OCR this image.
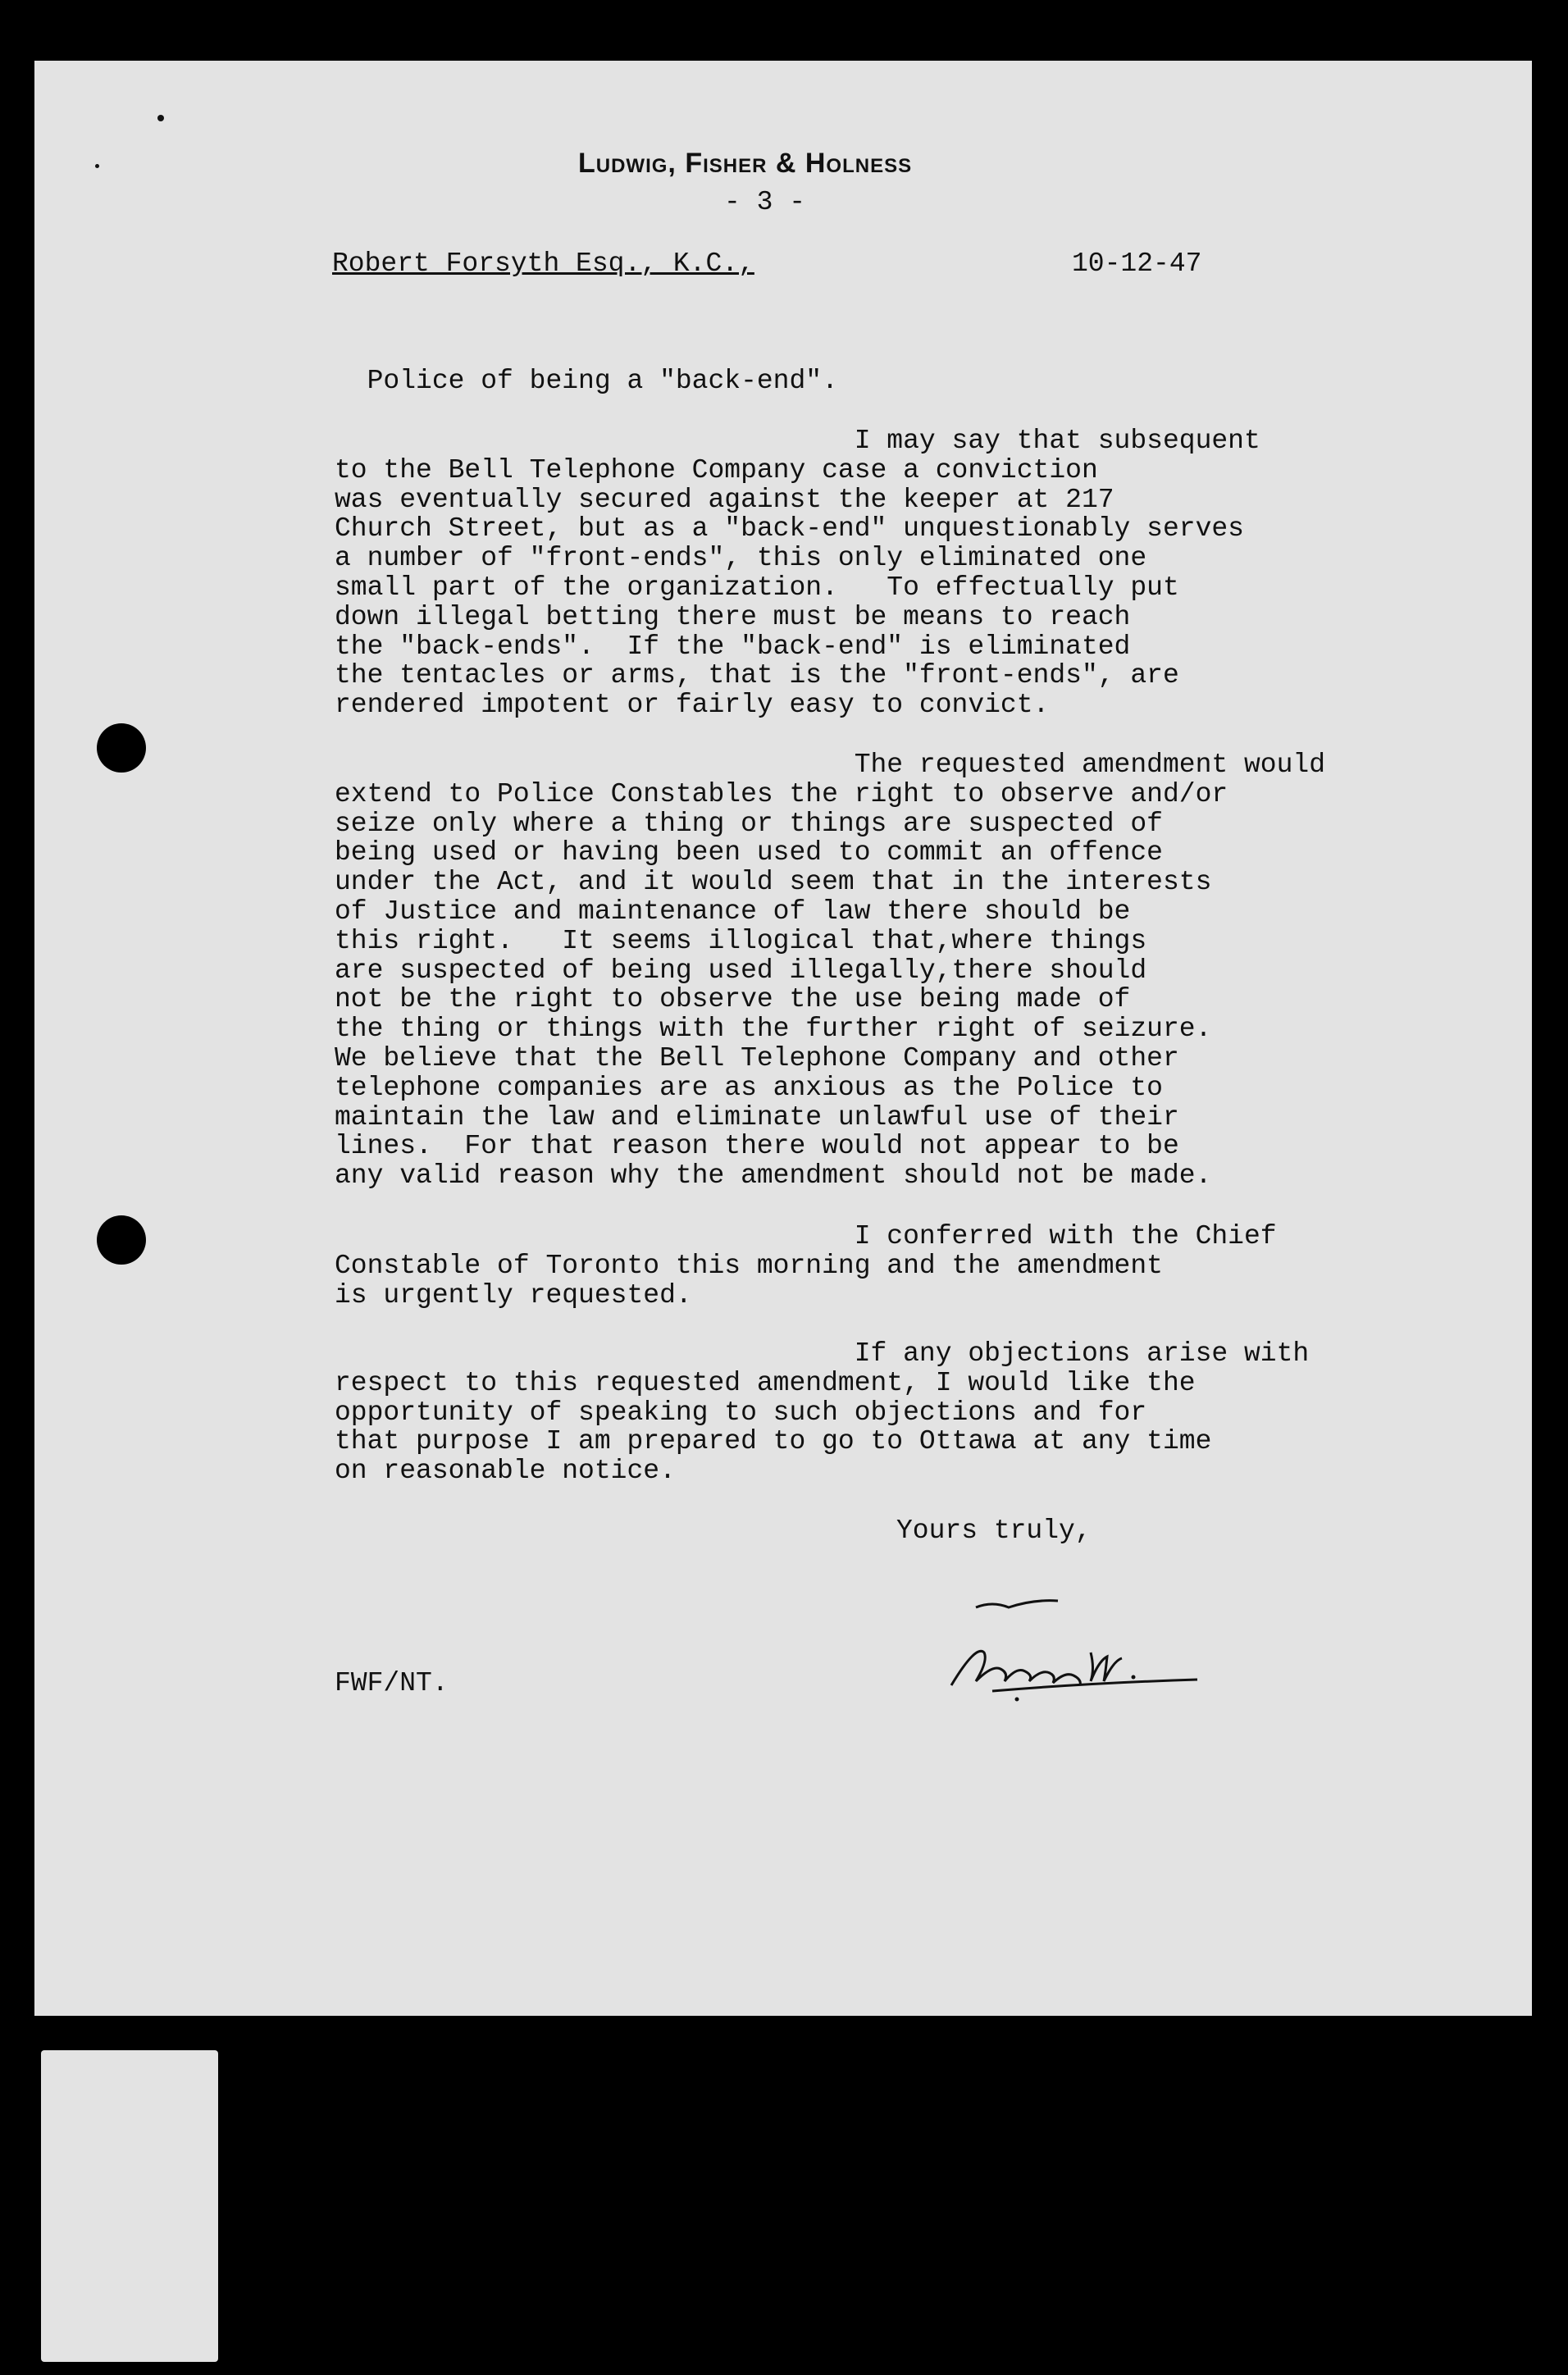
Ludwig, Fisher & Holness
- 3 -
Robert Forsyth Esq., K.C.,	10-12-47
Police of being a "back-end".
I may say that subsequent
to the Bell Telephone Company case a conviction
was eventually secured against the keeper at 217
Church Street, but as a "back-end" unquestionably serves
a number of "front-ends", this only eliminated one
small part of the organization.   To effectually put
down illegal betting there must be means to reach
the "back-ends".  If the "back-end" is eliminated
the tentacles or arms, that is the "front-ends", are
rendered impotent or fairly easy to convict.
The requested amendment would
extend to Police Constables the right to observe and/or
seize only where a thing or things are suspected of
being used or having been used to commit an offence
under the Act, and it would seem that in the interests
of Justice and maintenance of law there should be
this right.   It seems illogical that,where things
are suspected of being used illegally,there should
not be the right to observe the use being made of
the thing or things with the further right of seizure.
We believe that the Bell Telephone Company and other
telephone companies are as anxious as the Police to
maintain the law and eliminate unlawful use of their
lines.  For that reason there would not appear to be
any valid reason why the amendment should not be made.
I conferred with the Chief
Constable of Toronto this morning and the amendment
is urgently requested.
If any objections arise with
respect to this requested amendment, I would like the
opportunity of speaking to such objections and for
that purpose I am prepared to go to Ottawa at any time
on reasonable notice.
Yours truly,
FWF/NT.
